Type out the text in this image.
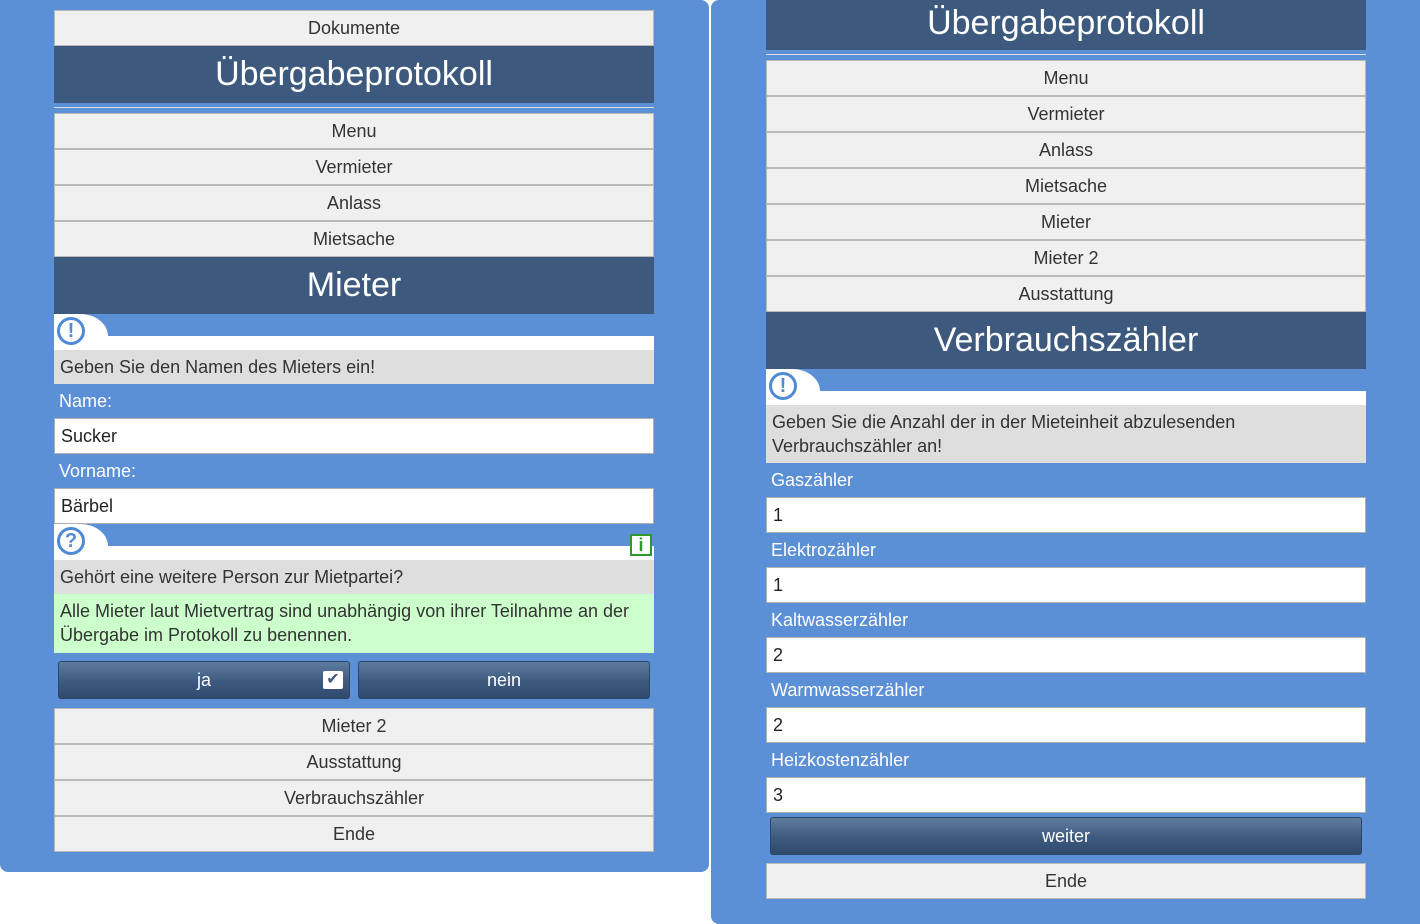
Dokumente
Übergabeprotokoll
Menu
Vermieter
Anlass
Mietsache
Mieter
!
Geben Sie den Namen des Mieters ein!
Name:
Sucker
Vorname:
Bärbel
?	i
Gehört eine weitere Person zur Mietpartei?
Alle Mieter laut Mietvertrag sind unabhängig von ihrer Teilnahme an der Übergabe im Protokoll zu benennen.
ja	✔	nein
Mieter 2
Ausstattung
Verbrauchszähler
Ende
Übergabeprotokoll
Menu
Vermieter
Anlass
Mietsache
Mieter
Mieter 2
Ausstattung
Verbrauchszähler
!
Geben Sie die Anzahl der in der Mieteinheit abzulesenden Verbrauchszähler an!
Gaszähler
1
Elektrozähler
1
Kaltwasserzähler
2
Warmwasserzähler
2
Heizkostenzähler
3
weiter
Ende
